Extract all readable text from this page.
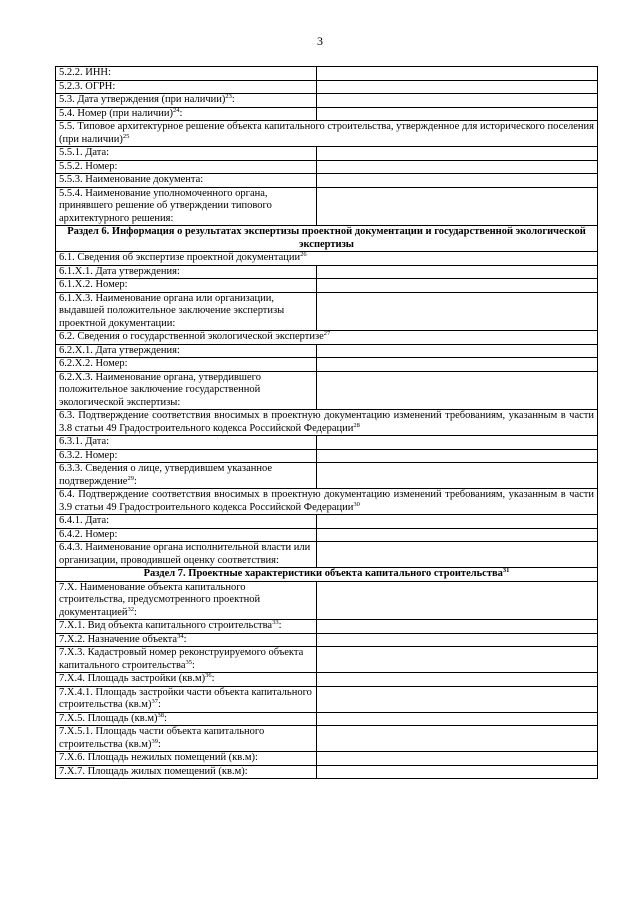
3
5.2.2. ИНН:	
5.2.3. ОГРН:	
5.3. Дата утверждения (при наличии)$^{23}$:	
5.4. Номер (при наличии)$^{24}$:	
5.5. Типовое архитектурное решение объекта капитального строительства, утвержденное для исторического поселения (при наличии)$^{25}$
5.5.1. Дата:	
5.5.2. Номер:	
5.5.3. Наименование документа:	
5.5.4. Наименование уполномоченного органа, принявшего решение об утверждении типового архитектурного решения:	
Раздел 6. Информация о результатах экспертизы проектной документации и государственной экологической экспертизы	
6.1. Сведения об экспертизе проектной документации$^{26}$
6.1.X.1. Дата утверждения:	
6.1.X.2. Номер:	
6.1.X.3. Наименование органа или организации, выдавшей положительное заключение экспертизы проектной документации:	
6.2. Сведения о государственной экологической экспертизе$^{27}$
6.2.X.1. Дата утверждения:	
6.2.X.2. Номер:	
6.2.X.3. Наименование органа, утвердившего положительное заключение государственной экологической экспертизы:	
6.3. Подтверждение соответствия вносимых в проектную документацию изменений требованиям, указанным в части 3.8 статьи 49 Градостроительного кодекса Российской Федерации$^{28}$
6.3.1. Дата:	
6.3.2. Номер:	
6.3.3. Сведения о лице, утвердившем указанное подтверждение$^{29}$:	
6.4. Подтверждение соответствия вносимых в проектную документацию изменений требованиям, указанным в части 3.9 статьи 49 Градостроительного кодекса Российской Федерации$^{30}$
6.4.1. Дата:	
6.4.2. Номер:	
6.4.3. Наименование органа исполнительной власти или организации, проводившей оценку соответствия:	
Раздел 7. Проектные характеристики объекта капитального строительства$^{31}$
7.X. Наименование объекта капитального строительства, предусмотренного проектной документацией$^{32}$:	
7.X.1. Вид объекта капитального строительства$^{33}$:	
7.X.2. Назначение объекта$^{34}$:	
7.X.3. Кадастровый номер реконструируемого объекта капитального строительства$^{35}$:	
7.X.4. Площадь застройки $(кв.м)^{36}$:	
7.X.4.1. Площадь застройки части объекта капитального строительства $(кв.м)^{37}$:	
7.X.5. Площадь $(кв.м)^{38}$:	
7.X.5.1. Площадь части объекта капитального строительства $(кв.м)^{39}$:	
7.X.6. Площадь нежилых помещений (кв.м):	
7.X.7. Площадь жилых помещений (кв.м):	
